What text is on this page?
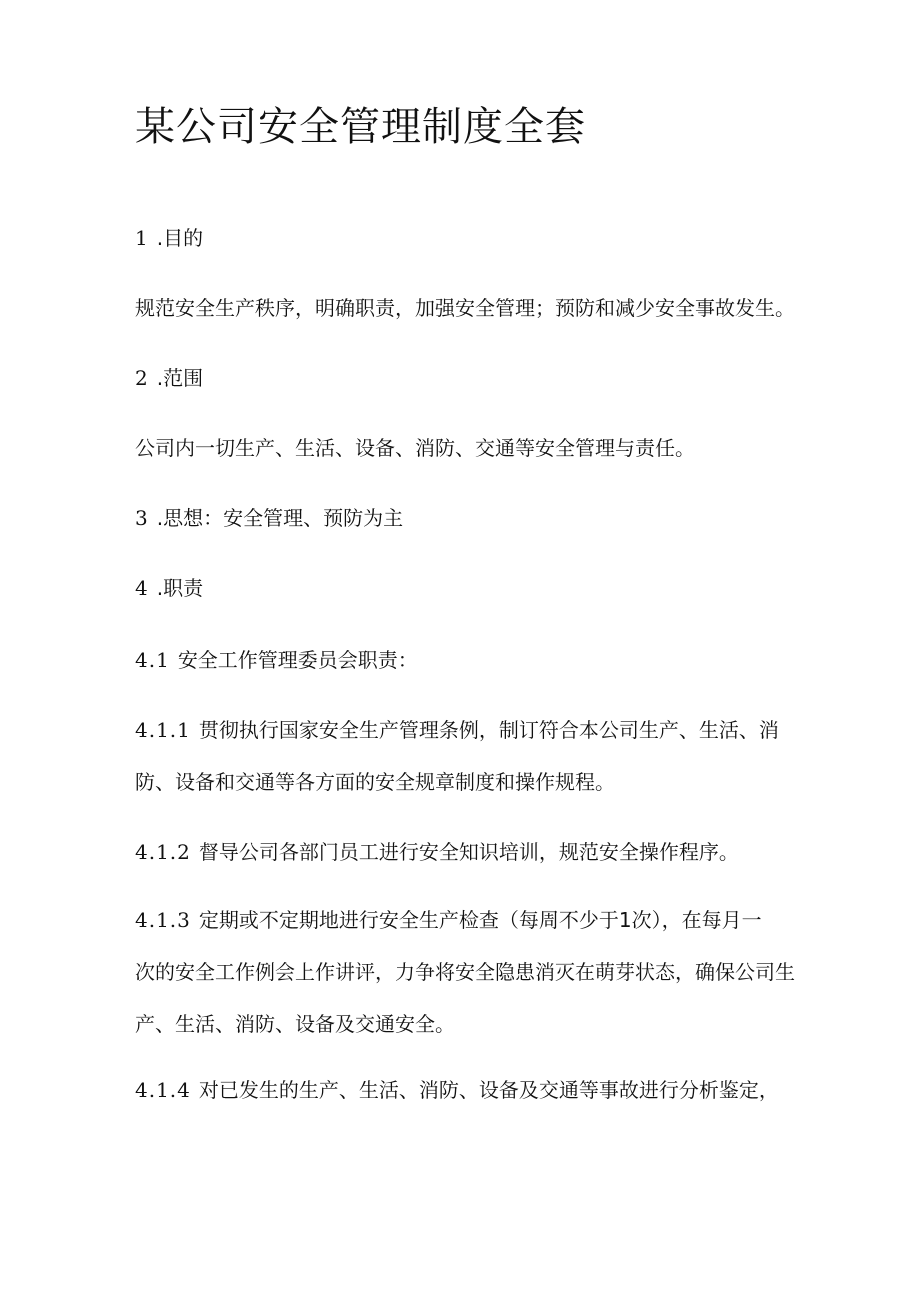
某公司安全管理制度全套

1 .目的

规范安全生产秩序，明确职责，加强安全管理；预防和减少安全事故发生。

2 .范围

公司内一切生产、生活、设备、消防、交通等安全管理与责任。

3 .思想：安全管理、预防为主

4 .职责

4.1 安全工作管理委员会职责：

4.1.1 贯彻执行国家安全生产管理条例，制订符合本公司生产、生活、消
防、设备和交通等各方面的安全规章制度和操作规程。

4.1.2 督导公司各部门员工进行安全知识培训，规范安全操作程序。

4.1.3 定期或不定期地进行安全生产检查（每周不少于1次），在每月一
次的安全工作例会上作讲评，力争将安全隐患消灭在萌芽状态，确保公司生
产、生活、消防、设备及交通安全。

4.1.4 对已发生的生产、生活、消防、设备及交通等事故进行分析鉴定，
